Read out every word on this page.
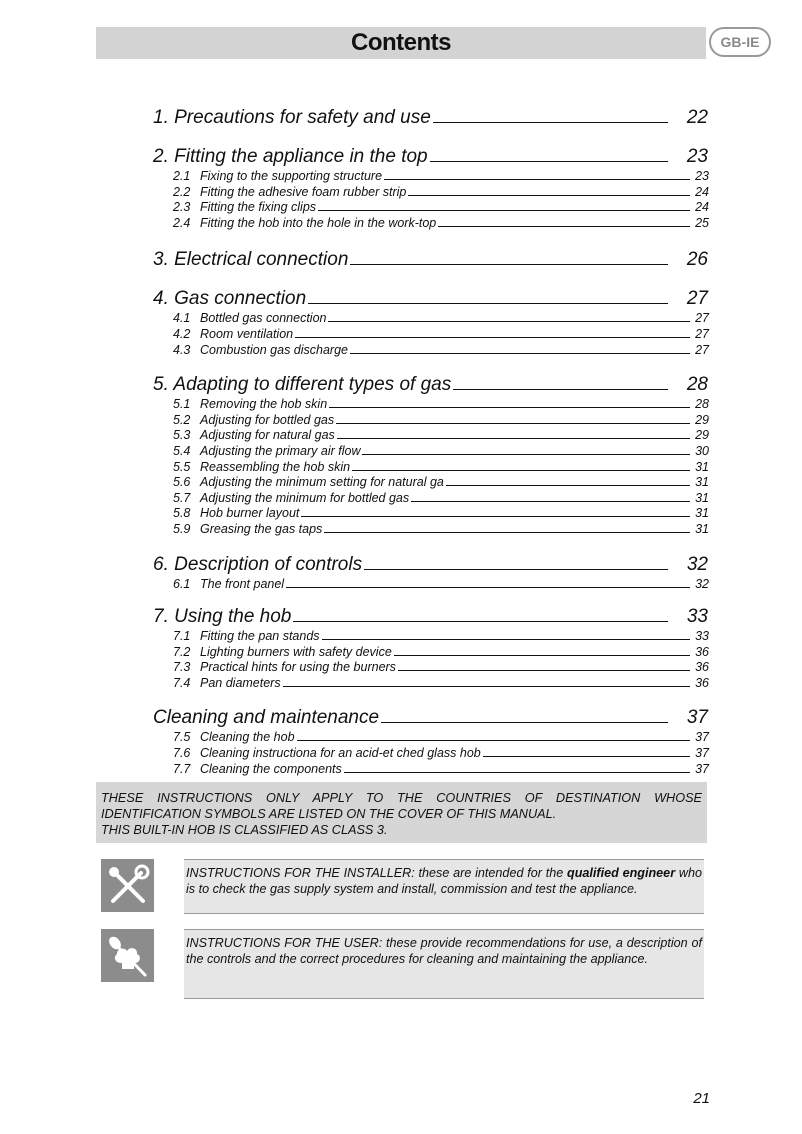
Contents	GB-IE
1. Precautions for safety and use	22
2. Fitting the appliance in the top	23
2.1 Fixing to the supporting structure	23
2.2 Fitting the adhesive foam rubber strip	24
2.3 Fitting the fixing clips	24
2.4 Fitting the hob into the hole in the work-top	25
3. Electrical connection	26
4. Gas connection	27
4.1 Bottled gas connection	27
4.2 Room ventilation	27
4.3 Combustion gas discharge	27
5. Adapting to different types of gas	28
5.1 Removing the hob skin	28
5.2 Adjusting for bottled gas	29
5.3 Adjusting for natural gas	29
5.4 Adjusting the primary air flow	30
5.5 Reassembling the hob skin	31
5.6 Adjusting the minimum setting for natural ga	31
5.7 Adjusting the minimum for bottled gas	31
5.8 Hob burner layout	31
5.9 Greasing the gas taps	31
6. Description of controls	32
6.1 The front panel	32
7. Using the hob	33
7.1 Fitting the pan stands	33
7.2 Lighting burners with safety device	36
7.3 Practical hints for using the burners	36
7.4 Pan diameters	36
Cleaning and maintenance	37
7.5 Cleaning the hob	37
7.6 Cleaning instructiona for an acid-et ched glass hob	37
7.7 Cleaning the components	37

THESE INSTRUCTIONS ONLY APPLY TO THE COUNTRIES OF DESTINATION WHOSE IDENTIFICATION SYMBOLS ARE LISTED ON THE COVER OF THIS MANUAL.

THIS BUILT-IN HOB IS CLASSIFIED AS CLASS 3.

INSTRUCTIONS FOR THE INSTALLER: these are intended for the qualified engineer who is to check the gas supply system and install, commission and test the appliance.
INSTRUCTIONS FOR THE USER: these provide recommendations for use, a description of the controls and the correct procedures for cleaning and maintaining the appliance.
21
